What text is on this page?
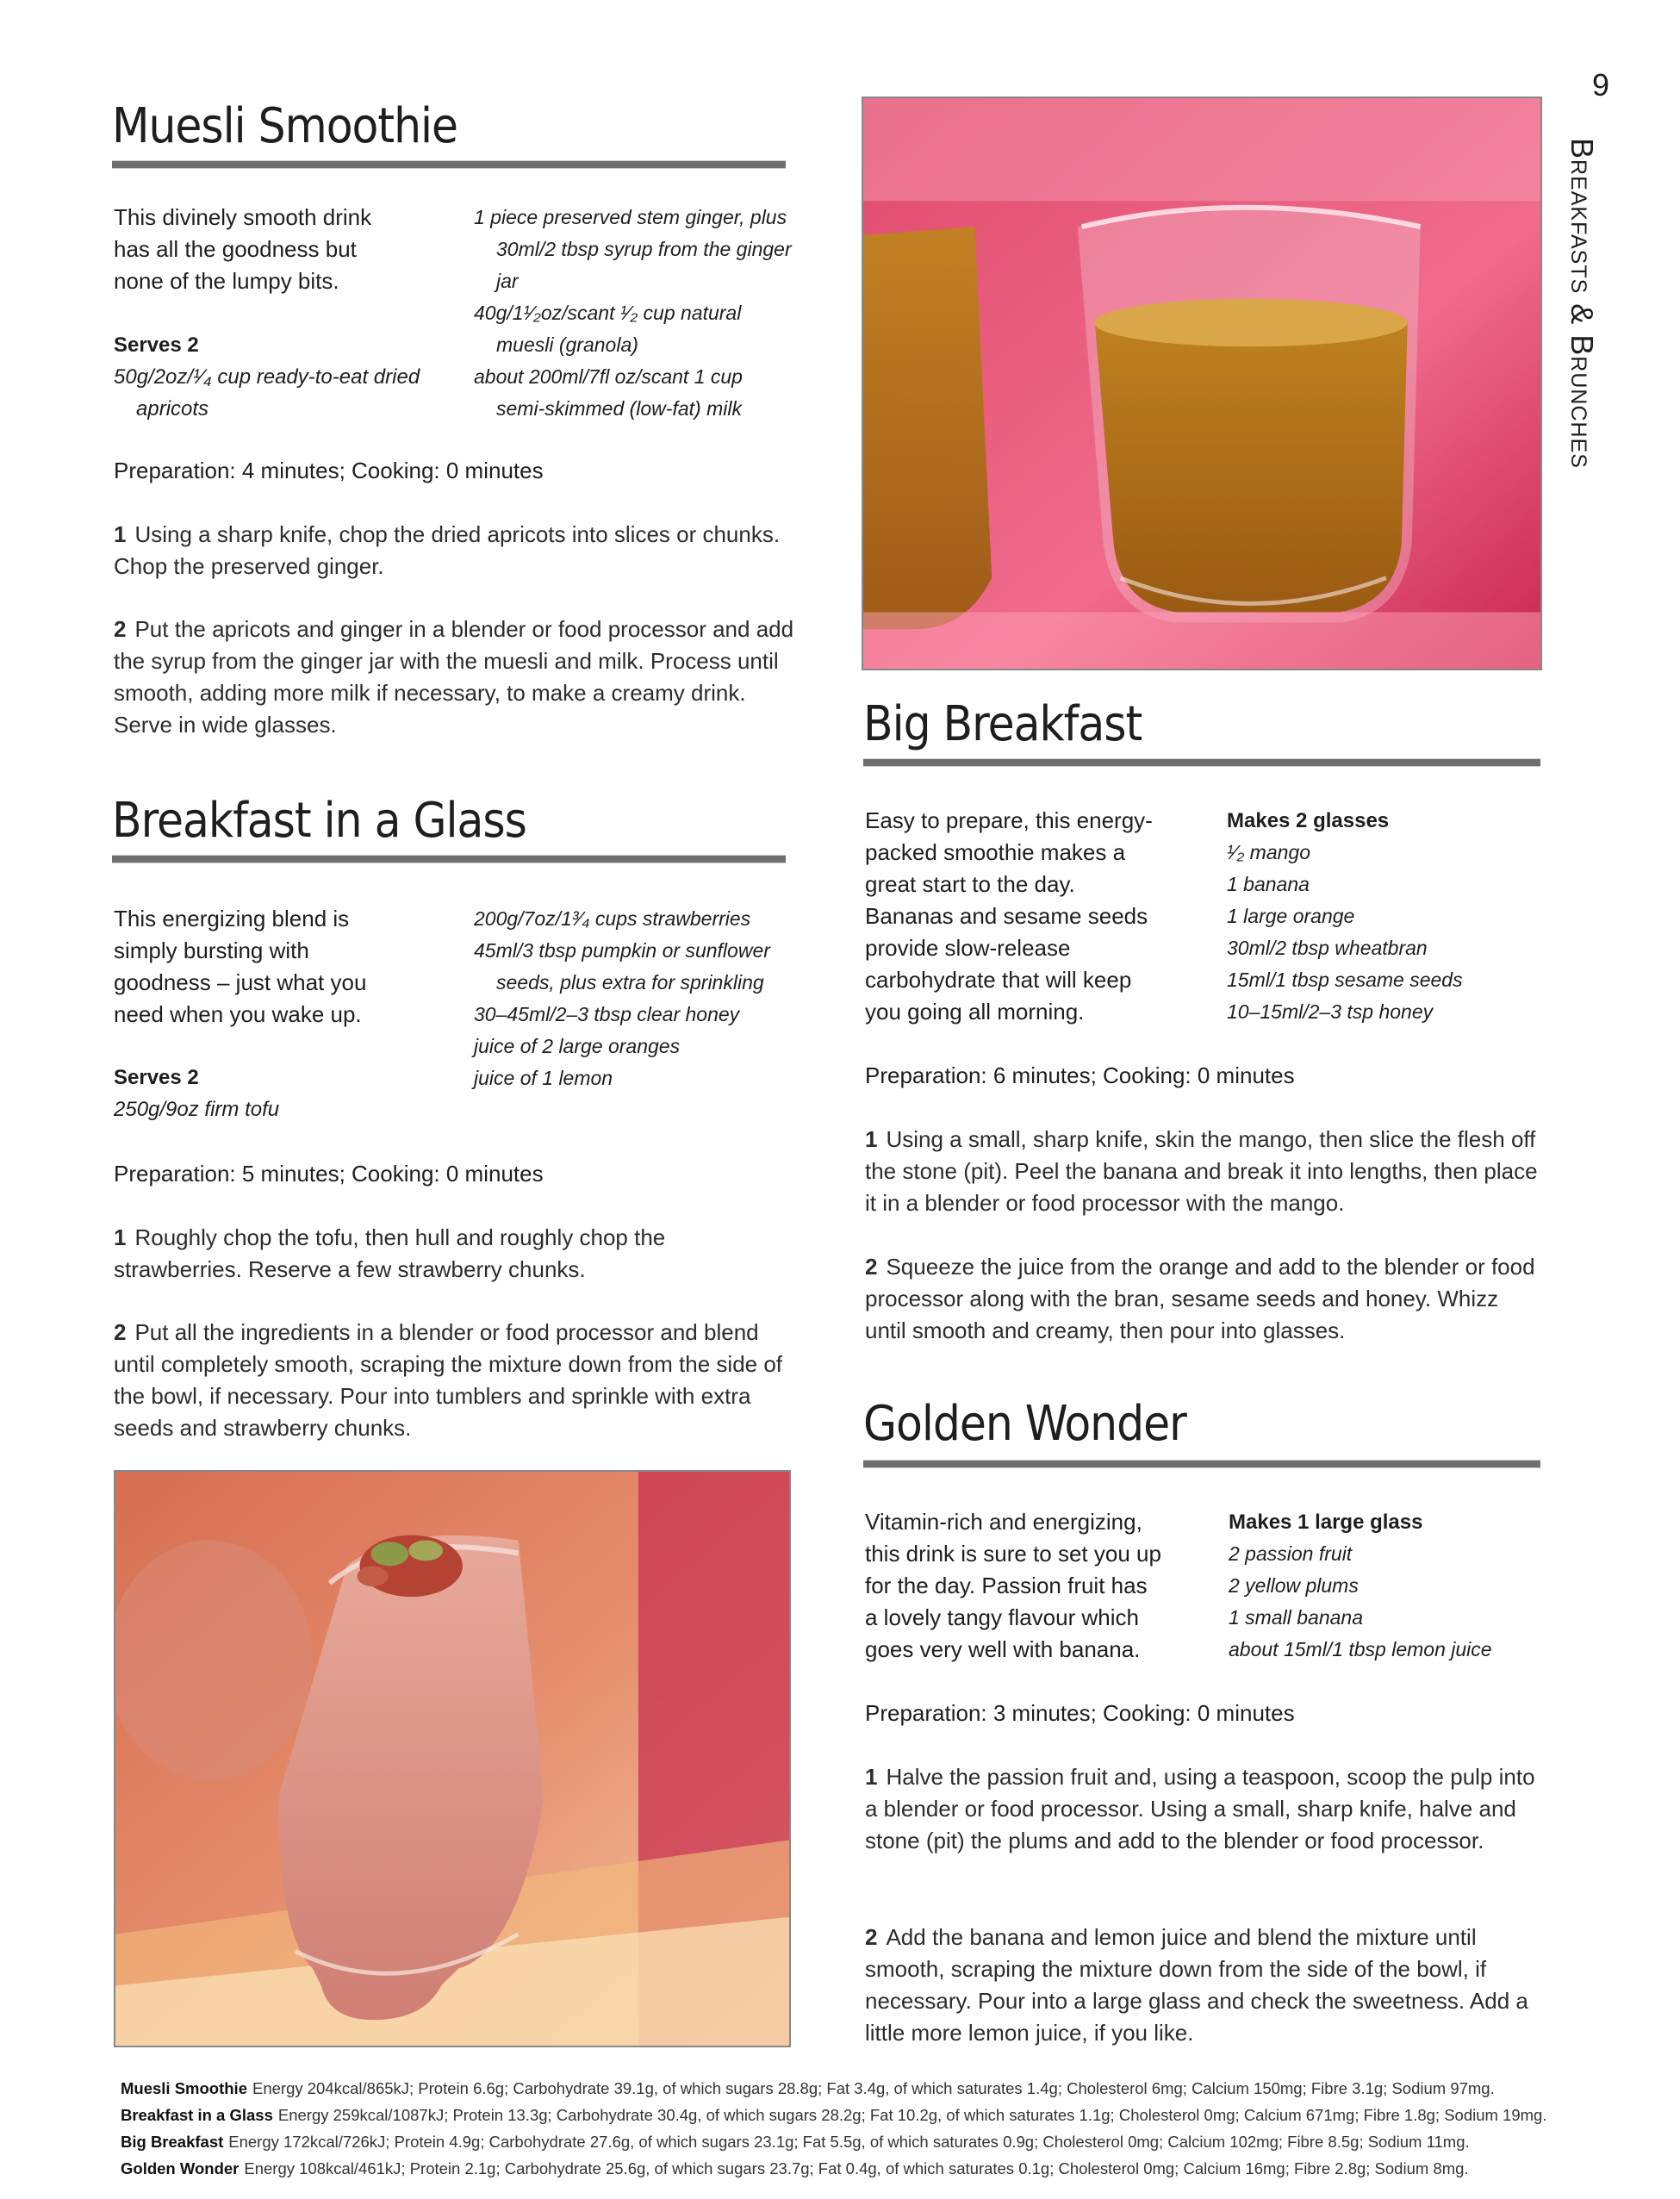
9
Breakfasts & Brunches
Muesli Smoothie
This divinely smooth drink
has all the goodness but
none of the lumpy bits.
Serves 2
50g/2oz/¹⁄₄ cup ready-to-eat dried apricots
1 piece preserved stem ginger, plus 30ml/2 tbsp syrup from the ginger jar
40g/1¹⁄₂oz/scant ¹⁄₂ cup natural muesli (granola)
about 200ml/7fl oz/scant 1 cup semi-skimmed (low-fat) milk
Preparation: 4 minutes; Cooking: 0 minutes
1 Using a sharp knife, chop the dried apricots into slices or chunks. Chop the preserved ginger.
2 Put the apricots and ginger in a blender or food processor and add the syrup from the ginger jar with the muesli and milk. Process until smooth, adding more milk if necessary, to make a creamy drink. Serve in wide glasses.
Breakfast in a Glass
This energizing blend is
simply bursting with
goodness – just what you
need when you wake up.
Serves 2
250g/9oz firm tofu
200g/7oz/1³⁄₄ cups strawberries
45ml/3 tbsp pumpkin or sunflower seeds, plus extra for sprinkling
30–45ml/2–3 tbsp clear honey
juice of 2 large oranges
juice of 1 lemon
Preparation: 5 minutes; Cooking: 0 minutes
1 Roughly chop the tofu, then hull and roughly chop the strawberries. Reserve a few strawberry chunks.
2 Put all the ingredients in a blender or food processor and blend until completely smooth, scraping the mixture down from the side of the bowl, if necessary. Pour into tumblers and sprinkle with extra seeds and strawberry chunks.
Big Breakfast
Easy to prepare, this energy-
packed smoothie makes a
great start to the day.
Bananas and sesame seeds
provide slow-release
carbohydrate that will keep
you going all morning.
Makes 2 glasses
¹⁄₂ mango
1 banana
1 large orange
30ml/2 tbsp wheatbran
15ml/1 tbsp sesame seeds
10–15ml/2–3 tsp honey
Preparation: 6 minutes; Cooking: 0 minutes
1 Using a small, sharp knife, skin the mango, then slice the flesh off the stone (pit). Peel the banana and break it into lengths, then place it in a blender or food processor with the mango.
2 Squeeze the juice from the orange and add to the blender or food processor along with the bran, sesame seeds and honey. Whizz until smooth and creamy, then pour into glasses.
Golden Wonder
Vitamin-rich and energizing,
this drink is sure to set you up
for the day. Passion fruit has
a lovely tangy flavour which
goes very well with banana.
Makes 1 large glass
2 passion fruit
2 yellow plums
1 small banana
about 15ml/1 tbsp lemon juice
Preparation: 3 minutes; Cooking: 0 minutes
1 Halve the passion fruit and, using a teaspoon, scoop the pulp into a blender or food processor. Using a small, sharp knife, halve and stone (pit) the plums and add to the blender or food processor.
2 Add the banana and lemon juice and blend the mixture until smooth, scraping the mixture down from the side of the bowl, if necessary. Pour into a large glass and check the sweetness. Add a little more lemon juice, if you like.
Muesli Smoothie Energy 204kcal/865kJ; Protein 6.6g; Carbohydrate 39.1g, of which sugars 28.8g; Fat 3.4g, of which saturates 1.4g; Cholesterol 6mg; Calcium 150mg; Fibre 3.1g; Sodium 97mg.
Breakfast in a Glass Energy 259kcal/1087kJ; Protein 13.3g; Carbohydrate 30.4g, of which sugars 28.2g; Fat 10.2g, of which saturates 1.1g; Cholesterol 0mg; Calcium 671mg; Fibre 1.8g; Sodium 19mg.
Big Breakfast Energy 172kcal/726kJ; Protein 4.9g; Carbohydrate 27.6g, of which sugars 23.1g; Fat 5.5g, of which saturates 0.9g; Cholesterol 0mg; Calcium 102mg; Fibre 8.5g; Sodium 11mg.
Golden Wonder Energy 108kcal/461kJ; Protein 2.1g; Carbohydrate 25.6g, of which sugars 23.7g; Fat 0.4g, of which saturates 0.1g; Cholesterol 0mg; Calcium 16mg; Fibre 2.8g; Sodium 8mg.
